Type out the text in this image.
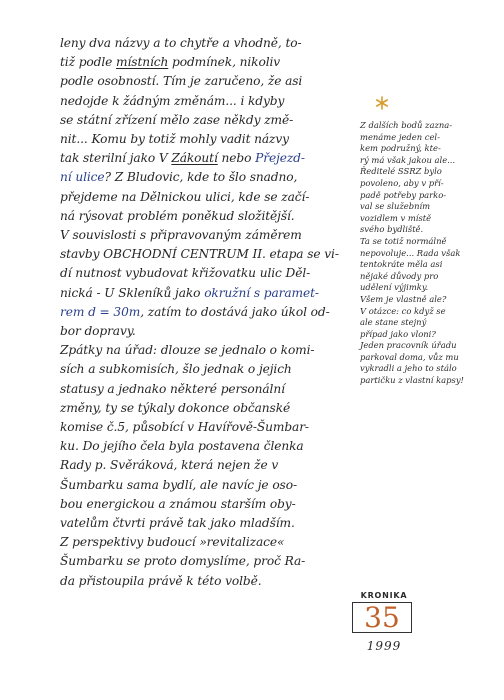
leny dva názvy a to chytře a vhodně, to-
tiž podle místních podmínek, nikoliv
podle osobností. Tím je zaručeno, že asi
nedojde k žádným změnám... i kdyby
se státní zřízení mělo zase někdy změ-
nit... Komu by totiž mohly vadit názvy
tak sterilní jako V Zákoutí nebo Přejezd-
ní ulice? Z Bludovic, kde to šlo snadno,
přejdeme na Dělnickou ulici, kde se začí-
ná rýsovat problém poněkud složitější.
V souvislosti s připravovaným záměrem
stavby OBCHODNÍ CENTRUM II. etapa se vi-
dí nutnost vybudovat křižovatku ulic Děl-
nická - U Skleníků jako okružní s paramet-
rem d = 30m, zatím to dostává jako úkol od-
bor dopravy.
Zpátky na úřad: dlouze se jednalo o komi-
sích a subkomisích, šlo jednak o jejich
statusy a jednako některé personální
změny, ty se týkaly dokonce občanské
komise č.5, působící v Havířově-Šumbar-
ku. Do jejího čela byla postavena členka
Rady p. Svěráková, která nejen že v
Šumbarku sama bydlí, ale navíc je oso-
bou energickou a známou starším oby-
vatelům čtvrti právě tak jako mladším.
Z perspektivy budoucí »revitalizace«
Šumbarku se proto domyslíme, proč Ra-
da přistoupila právě k této volbě.
Z dalších bodů zazna-
menáme jeden cel-
kem podružný, kte-
rý má však jakou ale...
Ředitelé SSRZ bylo
povoleno, aby v pří-
padě potřeby parko-
val se služebním
vozidlem v místě
svého bydliště.
Ta se totiž normálně
nepovoluje... Rada však
tentokráte měla asi
nějaké důvody pro
udělení výjimky.
Všem je vlastně ale?
V otázce: co když se
ale stane stejný
případ jako vloni?
Jeden pracovník úřadu
parkoval doma, vůz mu
vykradli a jeho to stálo
partičku z vlastní kapsy!
KRONIKA
35
1999
